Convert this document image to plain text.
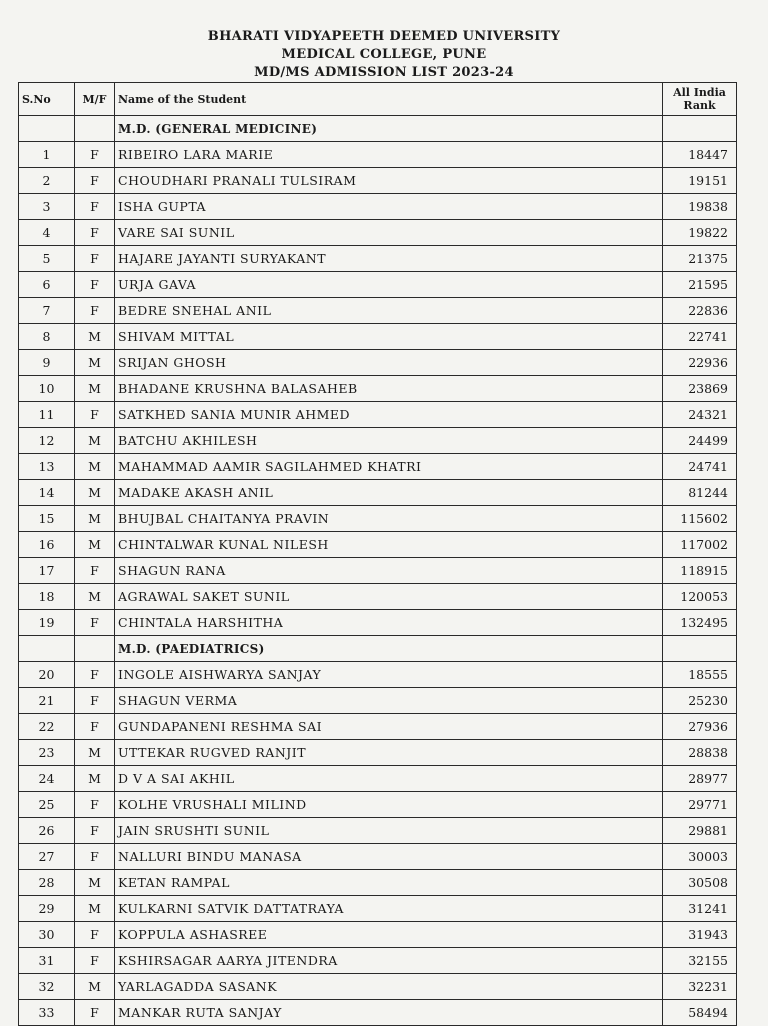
BHARATI VIDYAPEETH DEEMED UNIVERSITY
MEDICAL COLLEGE, PUNE
MD/MS ADMISSION LIST 2023-24
S.No	M/F	Name of the Student	All India
Rank

		M.D. (GENERAL MEDICINE)	
1	F	RIBEIRO LARA MARIE	18447
2	F	CHOUDHARI PRANALI TULSIRAM	19151
3	F	ISHA GUPTA	19838
4	F	VARE SAI SUNIL	19822
5	F	HAJARE JAYANTI SURYAKANT	21375
6	F	URJA GAVA	21595
7	F	BEDRE SNEHAL ANIL	22836
8	M	SHIVAM MITTAL	22741
9	M	SRIJAN GHOSH	22936
10	M	BHADANE KRUSHNA BALASAHEB	23869
11	F	SATKHED SANIA MUNIR AHMED	24321
12	M	BATCHU AKHILESH	24499
13	M	MAHAMMAD AAMIR SAGILAHMED KHATRI	24741
14	M	MADAKE AKASH ANIL	81244
15	M	BHUJBAL CHAITANYA PRAVIN	115602
16	M	CHINTALWAR KUNAL NILESH	117002
17	F	SHAGUN RANA	118915
18	M	AGRAWAL SAKET SUNIL	120053
19	F	CHINTALA HARSHITHA	132495
		M.D. (PAEDIATRICS)	
20	F	INGOLE AISHWARYA SANJAY	18555
21	F	SHAGUN VERMA	25230
22	F	GUNDAPANENI RESHMA SAI	27936
23	M	UTTEKAR RUGVED RANJIT	28838
24	M	D V A SAI AKHIL	28977
25	F	KOLHE VRUSHALI MILIND	29771
26	F	JAIN SRUSHTI SUNIL	29881
27	F	NALLURI BINDU MANASA	30003
28	M	KETAN RAMPAL	30508
29	M	KULKARNI SATVIK DATTATRAYA	31241
30	F	KOPPULA ASHASREE	31943
31	F	KSHIRSAGAR AARYA JITENDRA	32155
32	M	YARLAGADDA SASANK	32231
33	F	MANKAR RUTA SANJAY	58494
